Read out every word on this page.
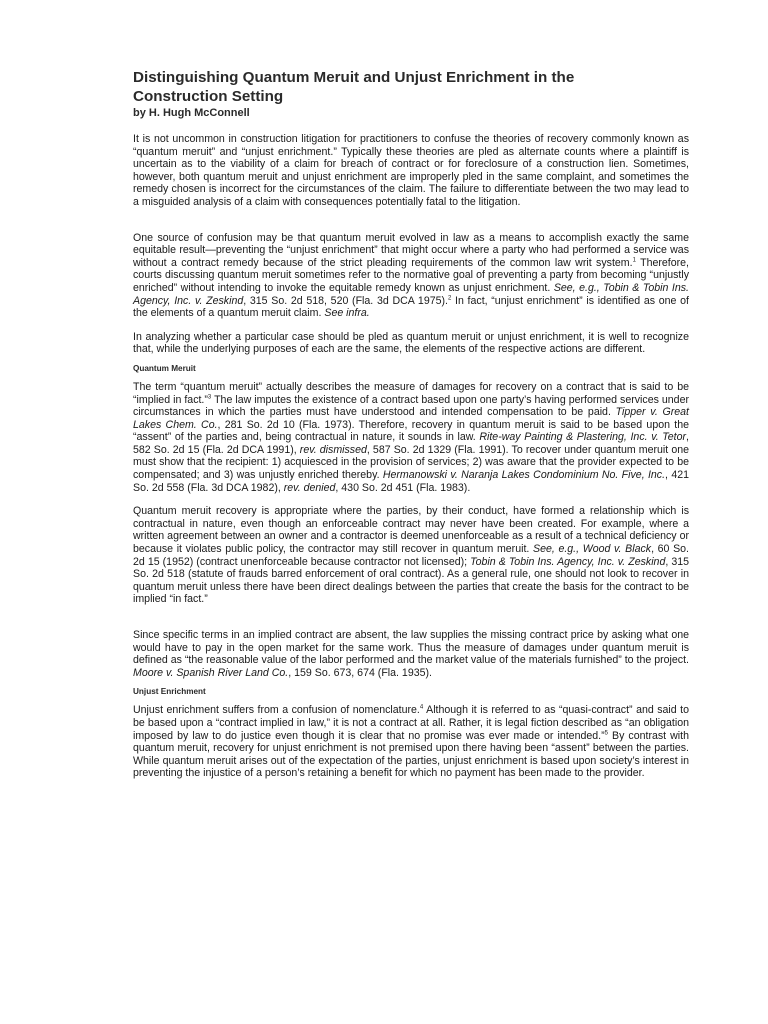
Distinguishing Quantum Meruit and Unjust Enrichment in the
Construction Setting

by H. Hugh McConnell

It is not uncommon in construction litigation for practitioners to confuse the theories of recovery commonly known as “quantum meruit” and “unjust enrichment.” Typically these theories are pled as alternate counts where a plaintiff is uncertain as to the viability of a claim for breach of contract or for foreclosure of a construction lien. Sometimes, however, both quantum meruit and unjust enrichment are improperly pled in the same complaint, and sometimes the remedy chosen is incorrect for the circumstances of the claim. The failure to differentiate between the two may lead to a misguided analysis of a claim with consequences potentially fatal to the litigation.

One source of confusion may be that quantum meruit evolved in law as a means to accomplish exactly the same equitable result—preventing the “unjust enrichment” that might occur where a party who had performed a service was without a contract remedy because of the strict pleading requirements of the common law writ system.$^1$ Therefore, courts discussing quantum meruit sometimes refer to the normative goal of preventing a party from becoming “unjustly enriched” without intending to invoke the equitable remedy known as unjust enrichment. See, e.g., Tobin & Tobin Ins. Agency, Inc. v. Zeskind, 315 So. 2d 518, 520 (Fla. 3d DCA 1975).$^2$ In fact, “unjust enrichment” is identified as one of the elements of a quantum meruit claim. See infra.

In analyzing whether a particular case should be pled as quantum meruit or unjust enrichment, it is well to recognize that, while the underlying purposes of each are the same, the elements of the respective actions are different.

Quantum Meruit

The term “quantum meruit” actually describes the measure of damages for recovery on a contract that is said to be “implied in fact.”$^3$ The law imputes the existence of a contract based upon one party’s having performed services under circumstances in which the parties must have understood and intended compensation to be paid. Tipper v. Great Lakes Chem. Co., 281 So. 2d 10 (Fla. 1973). Therefore, recovery in quantum meruit is said to be based upon the “assent” of the parties and, being contractual in nature, it sounds in law. Rite-way Painting & Plastering, Inc. v. Tetor, 582 So. 2d 15 (Fla. 2d DCA 1991), rev. dismissed, 587 So. 2d 1329 (Fla. 1991). To recover under quantum meruit one must show that the recipient: 1) acquiesced in the provision of services; 2) was aware that the provider expected to be compensated; and 3) was unjustly enriched thereby. Hermanowski v. Naranja Lakes Condominium No. Five, Inc., 421 So. 2d 558 (Fla. 3d DCA 1982), rev. denied, 430 So. 2d 451 (Fla. 1983).

Quantum meruit recovery is appropriate where the parties, by their conduct, have formed a relationship which is contractual in nature, even though an enforceable contract may never have been created. For example, where a written agreement between an owner and a contractor is deemed unenforceable as a result of a technical deficiency or because it violates public policy, the contractor may still recover in quantum meruit. See, e.g., Wood v. Black, 60 So. 2d 15 (1952) (contract unenforceable because contractor not licensed); Tobin & Tobin Ins. Agency, Inc. v. Zeskind, 315 So. 2d 518 (statute of frauds barred enforcement of oral contract). As a general rule, one should not look to recover in quantum meruit unless there have been direct dealings between the parties that create the basis for the contract to be implied “in fact.”

Since specific terms in an implied contract are absent, the law supplies the missing contract price by asking what one would have to pay in the open market for the same work. Thus the measure of damages under quantum meruit is defined as “the reasonable value of the labor performed and the market value of the materials furnished” to the project. Moore v. Spanish River Land Co., 159 So. 673, 674 (Fla. 1935).

Unjust Enrichment

Unjust enrichment suffers from a confusion of nomenclature.$^4$ Although it is referred to as “quasi-contract” and said to be based upon a “contract implied in law,” it is not a contract at all. Rather, it is legal fiction described as “an obligation imposed by law to do justice even though it is clear that no promise was ever made or intended.”$^5$ By contrast with quantum meruit, recovery for unjust enrichment is not premised upon there having been “assent” between the parties. While quantum meruit arises out of the expectation of the parties, unjust enrichment is based upon society’s interest in preventing the injustice of a person’s retaining a benefit for which no payment has been made to the provider.
